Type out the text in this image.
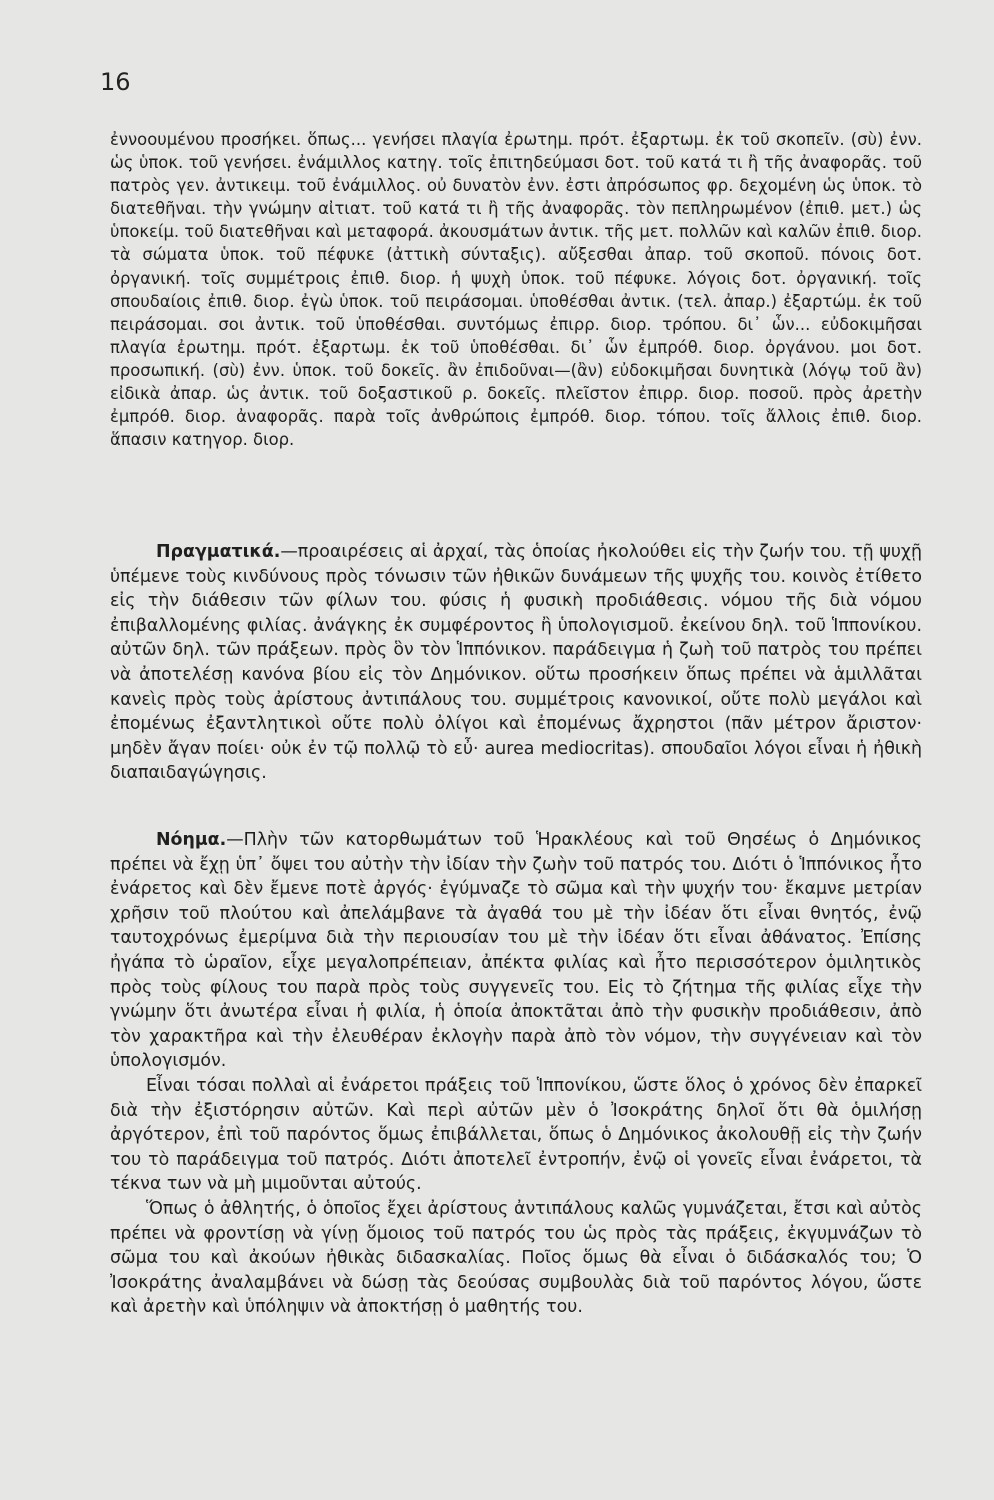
16
ἐννοουμένου προσήκει. ὅπως... γενήσει πλαγία ἐρωτημ. πρότ. ἐξαρτωμ. ἐκ τοῦ σκοπεῖν. (σὺ) ἐνν. ὡς ὑποκ. τοῦ γενήσει. ἐνάμιλλος κατηγ. τοῖς ἐπιτηδεύμασι δοτ. τοῦ κατά τι ἢ τῆς ἀναφορᾶς. τοῦ πατρὸς γεν. ἀντικειμ. τοῦ ἐνάμιλλος. οὐ δυνατὸν ἐνν. ἐστι ἀπρόσωπος φρ. δεχομένη ὡς ὑποκ. τὸ διατεθῆναι. τὴν γνώμην αἰτιατ. τοῦ κατά τι ἢ τῆς ἀναφορᾶς. τὸν πεπληρωμένον (ἐπιθ. μετ.) ὡς ὑποκείμ. τοῦ διατεθῆναι καὶ μεταφορά. ἀκουσμάτων ἀντικ. τῆς μετ. πολλῶν καὶ καλῶν ἐπιθ. διορ. τὰ σώματα ὑποκ. τοῦ πέφυκε (ἀττικὴ σύνταξις). αὔξεσθαι ἀπαρ. τοῦ σκοποῦ. πόνοις δοτ. ὀργανική. τοῖς συμμέτροις ἐπιθ. διορ. ἡ ψυχὴ ὑποκ. τοῦ πέφυκε. λόγοις δοτ. ὀργανική. τοῖς σπουδαίοις ἐπιθ. διορ. ἐγὼ ὑποκ. τοῦ πειράσομαι. ὑποθέσθαι ἀντικ. (τελ. ἀπαρ.) ἐξαρτώμ. ἐκ τοῦ πειράσομαι. σοι ἀντικ. τοῦ ὑποθέσθαι. συντόμως ἐπιρρ. διορ. τρόπου. δι᾽ ὧν... εὐδοκιμῆσαι πλαγία ἐρωτημ. πρότ. ἐξαρτωμ. ἐκ τοῦ ὑποθέσθαι. δι᾽ ὧν ἐμπρόθ. διορ. ὀργάνου. μοι δοτ. προσωπική. (σὺ) ἐνν. ὑποκ. τοῦ δοκεῖς. ἂν ἐπιδοῦναι—(ἂν) εὐδοκιμῆσαι δυνητικὰ (λόγῳ τοῦ ἂν) εἰδικὰ ἀπαρ. ὡς ἀντικ. τοῦ δοξαστικοῦ ρ. δοκεῖς. πλεῖστον ἐπιρρ. διορ. ποσοῦ. πρὸς ἀρετὴν ἐμπρόθ. διορ. ἀναφορᾶς. παρὰ τοῖς ἀνθρώποις ἐμπρόθ. διορ. τόπου. τοῖς ἄλλοις ἐπιθ. διορ. ἅπασιν κατηγορ. διορ.

Πραγματικά.—προαιρέσεις αἱ ἀρχαί, τὰς ὁποίας ἠκολούθει εἰς τὴν ζωήν του. τῇ ψυχῇ ὑπέμενε τοὺς κινδύνους πρὸς τόνωσιν τῶν ἠθικῶν δυνάμεων τῆς ψυχῆς του. κοινὸς ἐτίθετο εἰς τὴν διάθεσιν τῶν φίλων του. φύσις ἡ φυσικὴ προδιάθεσις. νόμου τῆς διὰ νόμου ἐπιβαλλομένης φιλίας. ἀνάγκης ἐκ συμφέροντος ἢ ὑπολογισμοῦ. ἐκείνου δηλ. τοῦ Ἱππονίκου. αὐτῶν δηλ. τῶν πράξεων. πρὸς ὃν τὸν Ἱππόνικον. παράδειγμα ἡ ζωὴ τοῦ πατρὸς του πρέπει νὰ ἀποτελέσῃ κανόνα βίου εἰς τὸν Δημόνικον. οὕτω προσήκειν ὅπως πρέπει νὰ ἁμιλλᾶται κανεὶς πρὸς τοὺς ἀρίστους ἀντιπάλους του. συμμέτροις κανονικοί, οὔτε πολὺ μεγάλοι καὶ ἐπομένως ἐξαντλητικοὶ οὔτε πολὺ ὀλίγοι καὶ ἐπομένως ἄχρηστοι (πᾶν μέτρον ἄριστον· μηδὲν ἄγαν ποίει· οὐκ ἐν τῷ πολλῷ τὸ εὖ· aurea mediocritas). σπουδαῖοι λόγοι εἶναι ἡ ἠθικὴ διαπαιδαγώγησις.

Νόημα.—Πλὴν τῶν κατορθωμάτων τοῦ Ἡρακλέους καὶ τοῦ Θησέως ὁ Δημόνικος πρέπει νὰ ἔχῃ ὑπ᾽ ὄψει του αὐτὴν τὴν ἰδίαν τὴν ζωὴν τοῦ πατρός του. Διότι ὁ Ἱππόνικος ἦτο ἐνάρετος καὶ δὲν ἔμενε ποτὲ ἀργός· ἐγύμναζε τὸ σῶμα καὶ τὴν ψυχήν του· ἔκαμνε μετρίαν χρῆσιν τοῦ πλούτου καὶ ἀπελάμβανε τὰ ἀγαθά του μὲ τὴν ἰδέαν ὅτι εἶναι θνητός, ἐνῷ ταυτοχρόνως ἐμερίμνα διὰ τὴν περιουσίαν του μὲ τὴν ἰδέαν ὅτι εἶναι ἀθάνατος. Ἐπίσης ἠγάπα τὸ ὡραῖον, εἶχε μεγαλοπρέπειαν, ἀπέκτα φιλίας καὶ ἦτο περισσότερον ὁμιλητικὸς πρὸς τοὺς φίλους του παρὰ πρὸς τοὺς συγγενεῖς του. Εἰς τὸ ζήτημα τῆς φιλίας εἶχε τὴν γνώμην ὅτι ἀνωτέρα εἶναι ἡ φιλία, ἡ ὁποία ἀποκτᾶται ἀπὸ τὴν φυσικὴν προδιάθεσιν, ἀπὸ τὸν χαρακτῆρα καὶ τὴν ἐλευθέραν ἐκλογὴν παρὰ ἀπὸ τὸν νόμον, τὴν συγγένειαν καὶ τὸν ὑπολογισμόν.

Εἶναι τόσαι πολλαὶ αἱ ἐνάρετοι πράξεις τοῦ Ἱππονίκου, ὥστε ὅλος ὁ χρόνος δὲν ἐπαρκεῖ διὰ τὴν ἐξιστόρησιν αὐτῶν. Καὶ περὶ αὐτῶν μὲν ὁ Ἰσοκράτης δηλοῖ ὅτι θὰ ὁμιλήσῃ ἀργότερον, ἐπὶ τοῦ παρόντος ὅμως ἐπιβάλλεται, ὅπως ὁ Δημόνικος ἀκολουθῇ εἰς τὴν ζωήν του τὸ παράδειγμα τοῦ πατρός. Διότι ἀποτελεῖ ἐντροπήν, ἐνῷ οἱ γονεῖς εἶναι ἐνάρετοι, τὰ τέκνα των νὰ μὴ μιμοῦνται αὐτούς.

Ὅπως ὁ ἀθλητής, ὁ ὁποῖος ἔχει ἀρίστους ἀντιπάλους καλῶς γυμνάζεται, ἔτσι καὶ αὐτὸς πρέπει νὰ φροντίσῃ νὰ γίνῃ ὅμοιος τοῦ πατρός του ὡς πρὸς τὰς πράξεις, ἐκγυμνάζων τὸ σῶμα του καὶ ἀκούων ἠθικὰς διδασκαλίας. Ποῖος ὅμως θὰ εἶναι ὁ διδάσκαλός του; Ὁ Ἰσοκράτης ἀναλαμβάνει νὰ δώσῃ τὰς δεούσας συμβουλὰς διὰ τοῦ παρόντος λόγου, ὥστε καὶ ἀρετὴν καὶ ὑπόληψιν νὰ ἀποκτήσῃ ὁ μαθητής του.
